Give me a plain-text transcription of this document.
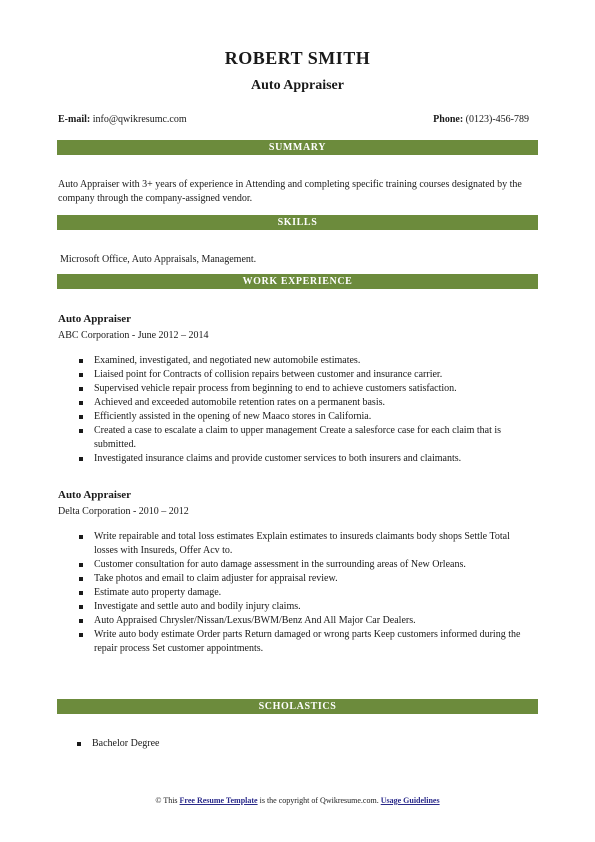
ROBERT SMITH
Auto Appraiser
E-mail: info@qwikresumc.com	Phone: (0123)-456-789
SUMMARY
Auto Appraiser with 3+ years of experience in Attending and completing specific training courses designated by the company through the company-assigned vendor.
SKILLS
Microsoft Office, Auto Appraisals, Management.
WORK EXPERIENCE
Auto Appraiser
ABC Corporation - June 2012 – 2014
Examined, investigated, and negotiated new automobile estimates.
Liaised point for Contracts of collision repairs between customer and insurance carrier.
Supervised vehicle repair process from beginning to end to achieve customers satisfaction.
Achieved and exceeded automobile retention rates on a permanent basis.
Efficiently assisted in the opening of new Maaco stores in California.
Created a case to escalate a claim to upper management Create a salesforce case for each claim that is submitted.
Investigated insurance claims and provide customer services to both insurers and claimants.
Auto Appraiser
Delta Corporation - 2010 – 2012
Write repairable and total loss estimates Explain estimates to insureds claimants body shops Settle Total losses with Insureds, Offer Acv to.
Customer consultation for auto damage assessment in the surrounding areas of New Orleans.
Take photos and email to claim adjuster for appraisal review.
Estimate auto property damage.
Investigate and settle auto and bodily injury claims.
Auto Appraised Chrysler/Nissan/Lexus/BWM/Benz And All Major Car Dealers.
Write auto body estimate Order parts Return damaged or wrong parts Keep customers informed during the repair process Set customer appointments.
SCHOLASTICS
Bachelor Degree
© This Free Resume Template is the copyright of Qwikresume.com. Usage Guidelines
